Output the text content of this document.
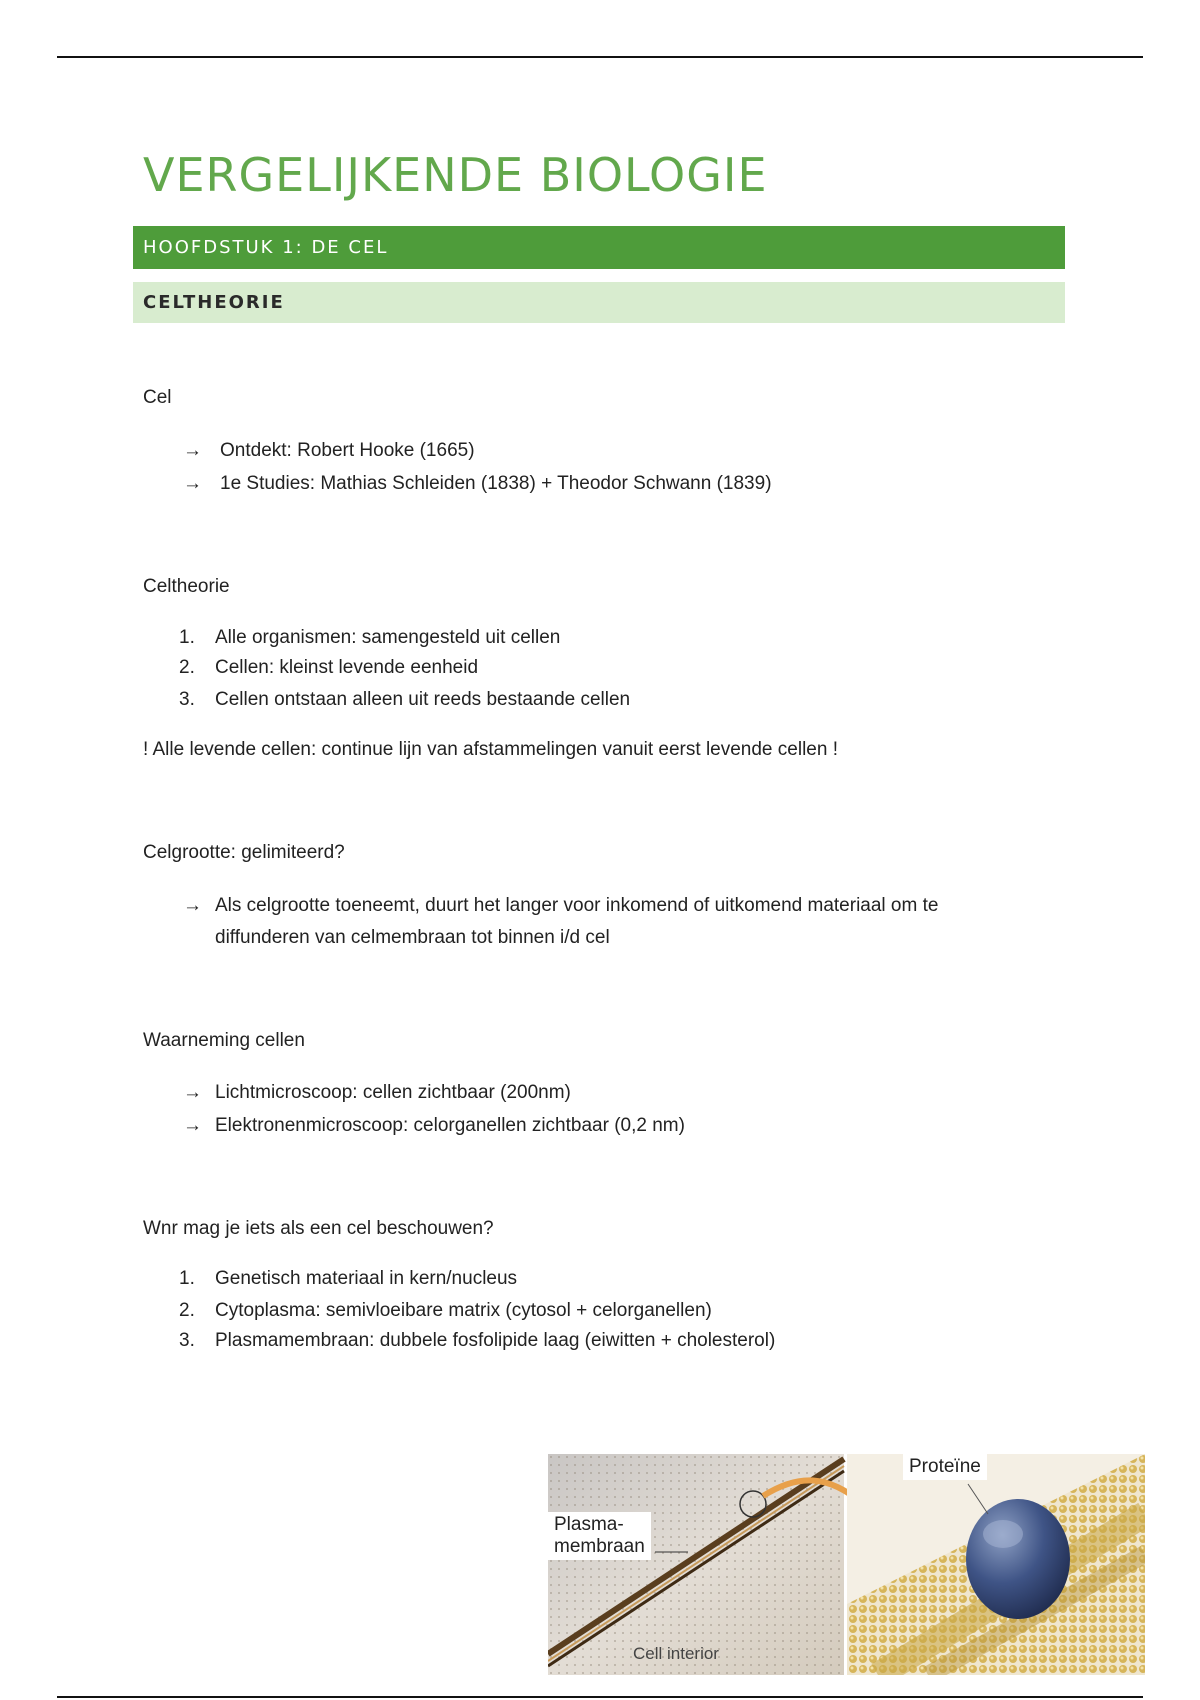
VERGELIJKENDE BIOLOGIE
HOOFDSTUK 1: DE CEL
CELTHEORIE
Cel
→ Ontdekt: Robert Hooke (1665)
→ 1e Studies: Mathias Schleiden (1838) + Theodor Schwann (1839)
Celtheorie
1. Alle organismen: samengesteld uit cellen
2. Cellen: kleinst levende eenheid
3. Cellen ontstaan alleen uit reeds bestaande cellen
! Alle levende cellen: continue lijn van afstammelingen vanuit eerst levende cellen !
Celgrootte: gelimiteerd?
→ Als celgrootte toeneemt, duurt het langer voor inkomend of uitkomend materiaal om te
diffunderen van celmembraan tot binnen i/d cel
Waarneming cellen
→ Lichtmicroscoop: cellen zichtbaar (200nm)
→ Elektronenmicroscoop: celorganellen zichtbaar (0,2 nm)
Wnr mag je iets als een cel beschouwen?
1. Genetisch materiaal in kern/nucleus
2. Cytoplasma: semivloeibare matrix (cytosol + celorganellen)
3. Plasmamembraan: dubbele fosfolipide laag (eiwitten + cholesterol)
Plasma-
membraan
Proteïne
Cell interior
